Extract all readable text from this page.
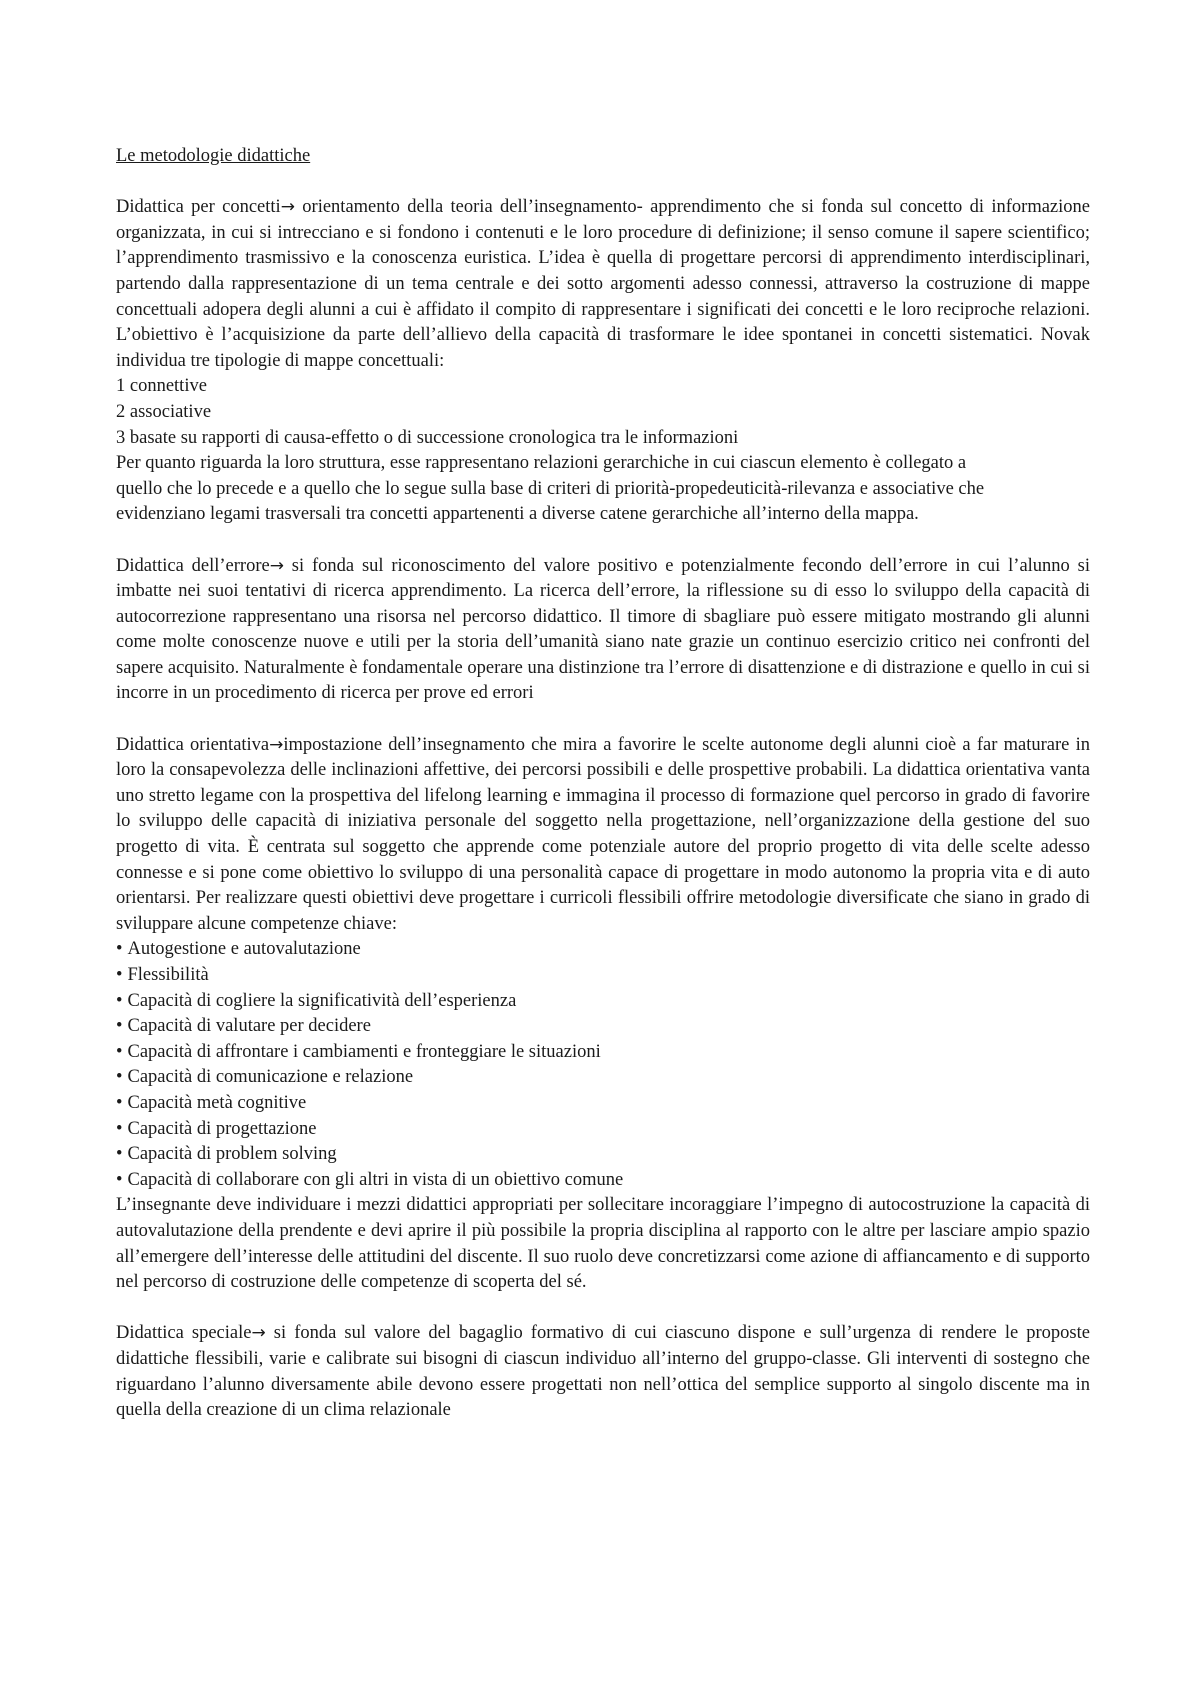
Le metodologie didattiche

Didattica per concetti→ orientamento della teoria dell’insegnamento- apprendimento che si fonda sul concetto di informazione organizzata, in cui si intrecciano e si fondono i contenuti e le loro procedure di definizione; il senso comune il sapere scientifico; l’apprendimento trasmissivo e la conoscenza euristica. L’idea è quella di progettare percorsi di apprendimento interdisciplinari, partendo dalla rappresentazione di un tema centrale e dei sotto argomenti adesso connessi, attraverso la costruzione di mappe concettuali adopera degli alunni a cui è affidato il compito di rappresentare i significati dei concetti e le loro reciproche relazioni. L’obiettivo è l’acquisizione da parte dell’allievo della capacità di trasformare le idee spontanei in concetti sistematici. Novak individua tre tipologie di mappe concettuali:

1 connettive

2 associative

3 basate su rapporti di causa-effetto o di successione cronologica tra le informazioni

Per quanto riguarda la loro struttura, esse rappresentano relazioni gerarchiche in cui ciascun elemento è collegato a

quello che lo precede e a quello che lo segue sulla base di criteri di priorità-propedeuticità-rilevanza e associative che

evidenziano legami trasversali tra concetti appartenenti a diverse catene gerarchiche all’interno della mappa.

Didattica dell’errore→ si fonda sul riconoscimento del valore positivo e potenzialmente fecondo dell’errore in cui l’alunno si imbatte nei suoi tentativi di ricerca apprendimento. La ricerca dell’errore, la riflessione su di esso lo sviluppo della capacità di autocorrezione rappresentano una risorsa nel percorso didattico. Il timore di sbagliare può essere mitigato mostrando gli alunni come molte conoscenze nuove e utili per la storia dell’umanità siano nate grazie un continuo esercizio critico nei confronti del sapere acquisito. Naturalmente è fondamentale operare una distinzione tra l’errore di disattenzione e di distrazione e quello in cui si incorre in un procedimento di ricerca per prove ed errori

Didattica orientativa→impostazione dell’insegnamento che mira a favorire le scelte autonome degli alunni cioè a far maturare in loro la consapevolezza delle inclinazioni affettive, dei percorsi possibili e delle prospettive probabili. La didattica orientativa vanta uno stretto legame con la prospettiva del lifelong learning e immagina il processo di formazione quel percorso in grado di favorire lo sviluppo delle capacità di iniziativa personale del soggetto nella progettazione, nell’organizzazione della gestione del suo progetto di vita. È centrata sul soggetto che apprende come potenziale autore del proprio progetto di vita delle scelte adesso connesse e si pone come obiettivo lo sviluppo di una personalità capace di progettare in modo autonomo la propria vita e di auto orientarsi. Per realizzare questi obiettivi deve progettare i curricoli flessibili offrire metodologie diversificate che siano in grado di sviluppare alcune competenze chiave:

• Autogestione e autovalutazione

• Flessibilità

• Capacità di cogliere la significatività dell’esperienza

• Capacità di valutare per decidere

• Capacità di affrontare i cambiamenti e fronteggiare le situazioni

• Capacità di comunicazione e relazione

• Capacità metà cognitive

• Capacità di progettazione

• Capacità di problem solving

• Capacità di collaborare con gli altri in vista di un obiettivo comune

L’insegnante deve individuare i mezzi didattici appropriati per sollecitare incoraggiare l’impegno di autocostruzione la capacità di autovalutazione della prendente e devi aprire il più possibile la propria disciplina al rapporto con le altre per lasciare ampio spazio all’emergere dell’interesse delle attitudini del discente. Il suo ruolo deve concretizzarsi come azione di affiancamento e di supporto nel percorso di costruzione delle competenze di scoperta del sé.

Didattica speciale→ si fonda sul valore del bagaglio formativo di cui ciascuno dispone e sull’urgenza di rendere le proposte didattiche flessibili, varie e calibrate sui bisogni di ciascun individuo all’interno del gruppo-classe. Gli interventi di sostegno che riguardano l’alunno diversamente abile devono essere progettati non nell’ottica del semplice supporto al singolo discente ma in quella della creazione di un clima relazionale
